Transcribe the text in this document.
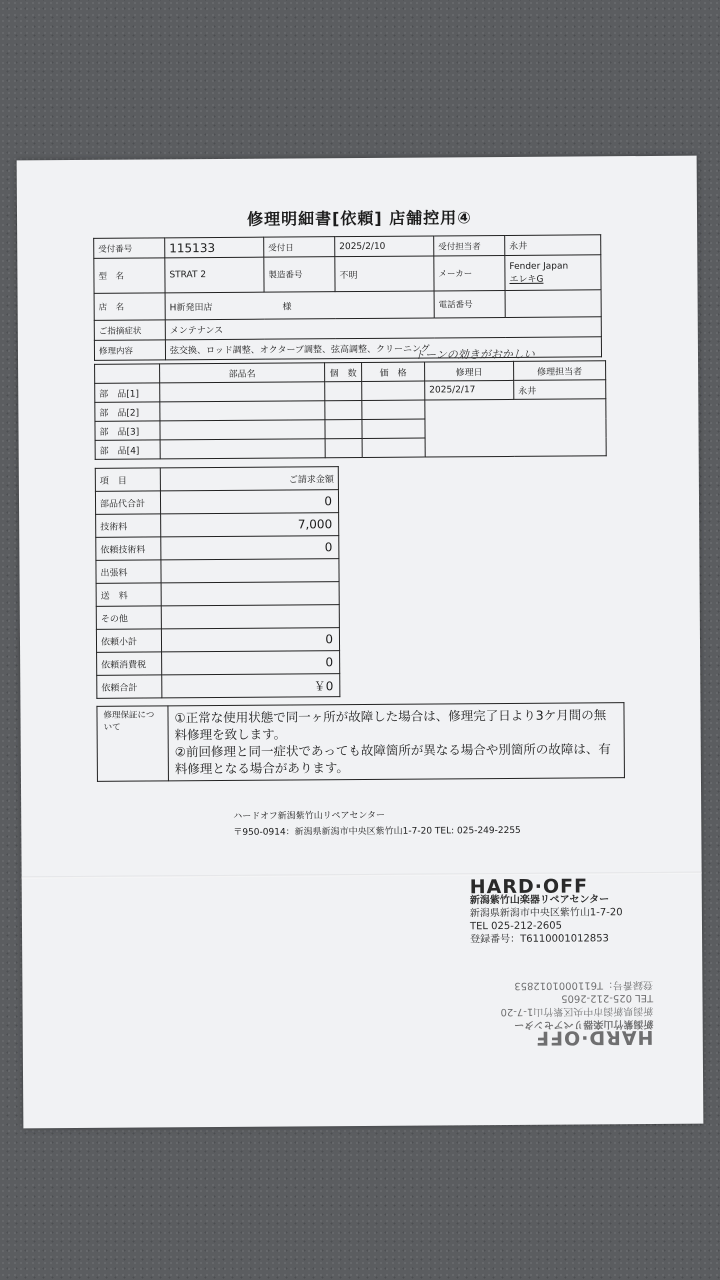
修理明細書[依頼] 店舗控用④
受付番号	115133	受付日	2025/2/10	受付担当者	永井
型　名	STRAT 2	製造番号	不明	メーカー	Fender Japan
エレキG

店　名	H新発田店 様			電話番号	
ご指摘症状	メンテナンス				
修理内容	弦交換、ロッド調整、オクターブ調整、弦高調整、クリーニング				
トーンの効きがおかしい
	部品名	個　数	価　格	修理日	修理担当者
部　品[1]				2025/2/17	永井
部　品[2]					
部　品[3]					
部　品[4]					
項　目	ご請求金額
部品代合計	0
技術料	7,000
依頼技術料	0
出張料	
送　料	
その他	
依頼小計	0
依頼消費税	0
依頼合計	￥0
修理保証について	
①正常な使用状態で同一ヶ所が故障した場合は、修理完了日より3ケ月間の無料修理を致します。
②前回修理と同一症状であっても故障箇所が異なる場合や別箇所の故障は、有料修理となる場合があります。
ハードオフ新潟紫竹山リペアセンター
〒950-0914：新潟県新潟市中央区紫竹山1-7-20 TEL: 025-249-2255
HARD·OFF
新潟紫竹山楽器リペアセンター
新潟県新潟市中央区紫竹山1-7-20
TEL 025-212-2605
登録番号：T6110001012853
HARD·OFF
新潟紫竹山楽器リペアセンター
新潟県新潟市中央区紫竹山1-7-20
TEL 025-212-2605
登録番号：T6110001012853
